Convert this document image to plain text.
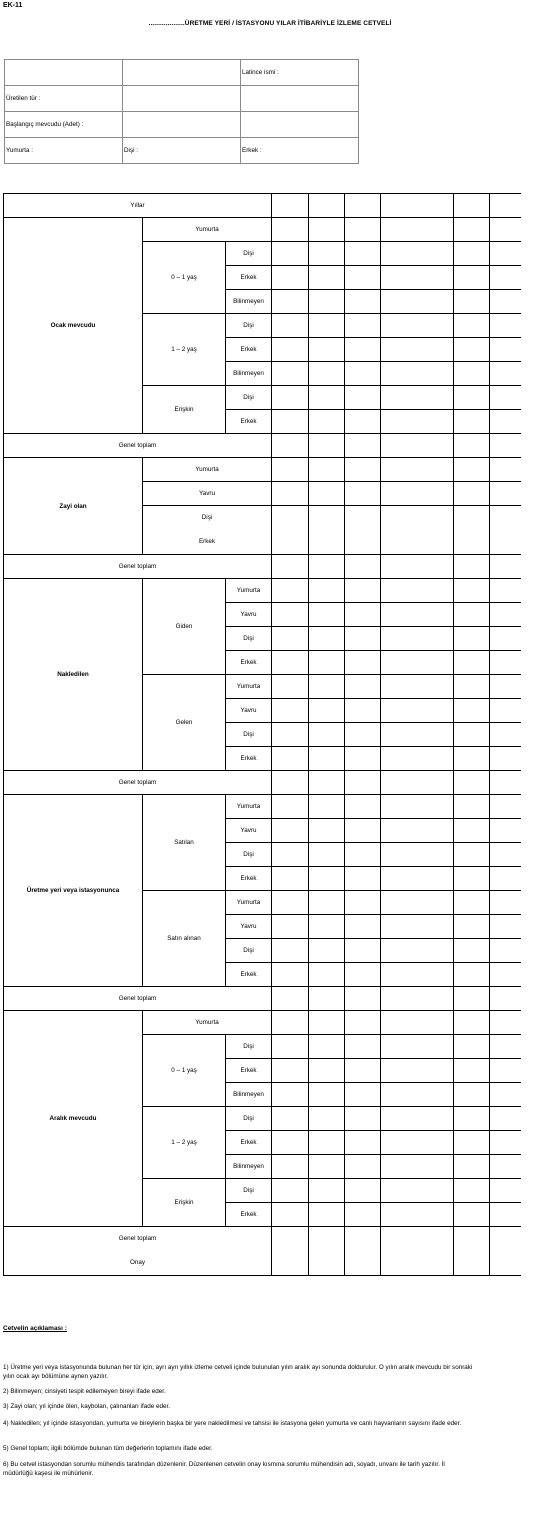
EK-11
...................ÜRETME YERİ / İSTASYONU YILAR İTİBARİYLE İZLEME CETVELİ
		Latince ismi :
Üretilen tür :		
Başlangıç mevcudu (Adet) :		
Yumurta :	Dişi :	Erkek :
Yıllar								
Ocak mevcudu	Yumurta							
	0 – 1 yaş	Dişi						
		Erkek						
		Bilinmeyen						
	1 – 2 yaş	Dişi						
		Erkek						
		Bilinmeyen						
	Erişkin	Dişi						
		Erkek						
Genel toplam								
Zayi olan	Yumurta							
	Yavru							
	Dişi
Erkek							
Genel toplam								
Nakledilen	Giden	Yumurta						
		Yavru						
		Dişi						
		Erkek						
	Gelen	Yumurta						
		Yavru						
		Dişi						
		Erkek						
Genel toplam								
Üretme yeri veya istasyonunca	Satılan	Yumurta						
		Yavru						
		Dişi						
		Erkek						
	Satın alınan	Yumurta						
		Yavru						
		Dişi						
		Erkek						
Genel toplam								
Aralık mevcudu	Yumurta							
	0 – 1 yaş	Dişi						
		Erkek						
		Bilinmeyen						
	1 – 2 yaş	Dişi						
		Erkek						
		Bilinmeyen						
	Erişkin	Dişi						
		Erkek						
Genel toplam
Onay								
Cetvelin açıklaması :
1) Üretme yeri veya istasyonunda bulunan her tür için, ayrı ayrı yıllık izleme cetveli içinde bulunulan yılın aralık ayı sonunda doldurulur. O yılın aralık mevcudu bir sonraki yılın ocak ayı bölümüne aynen yazılır.
2) Bilinmeyen; cinsiyeti tespit edilemeyen bireyi ifade eder.
3) Zayi olan; yıl içinde ölen, kaybolan, çalınanları ifade eder.
4) Nakledilen; yıl içinde istasyondan, yumurta ve bireylerin başka bir yere nakledilmesi ve tahsisi ile istasyona gelen yumurta ve canlı hayvanların sayısını ifade eder.
5) Genel toplam; ilgili bölümde bulunan tüm değerlerin toplamını ifade eder.
6) Bu cetvel istasyondan sorumlu mühendis tarafından düzenlenir. Düzenlenen cetvelin onay kısmına sorumlu mühendisin adı, soyadı, unvanı ile tarih yazılır. İl müdürlüğü kaşesi ile mühürlenir.
